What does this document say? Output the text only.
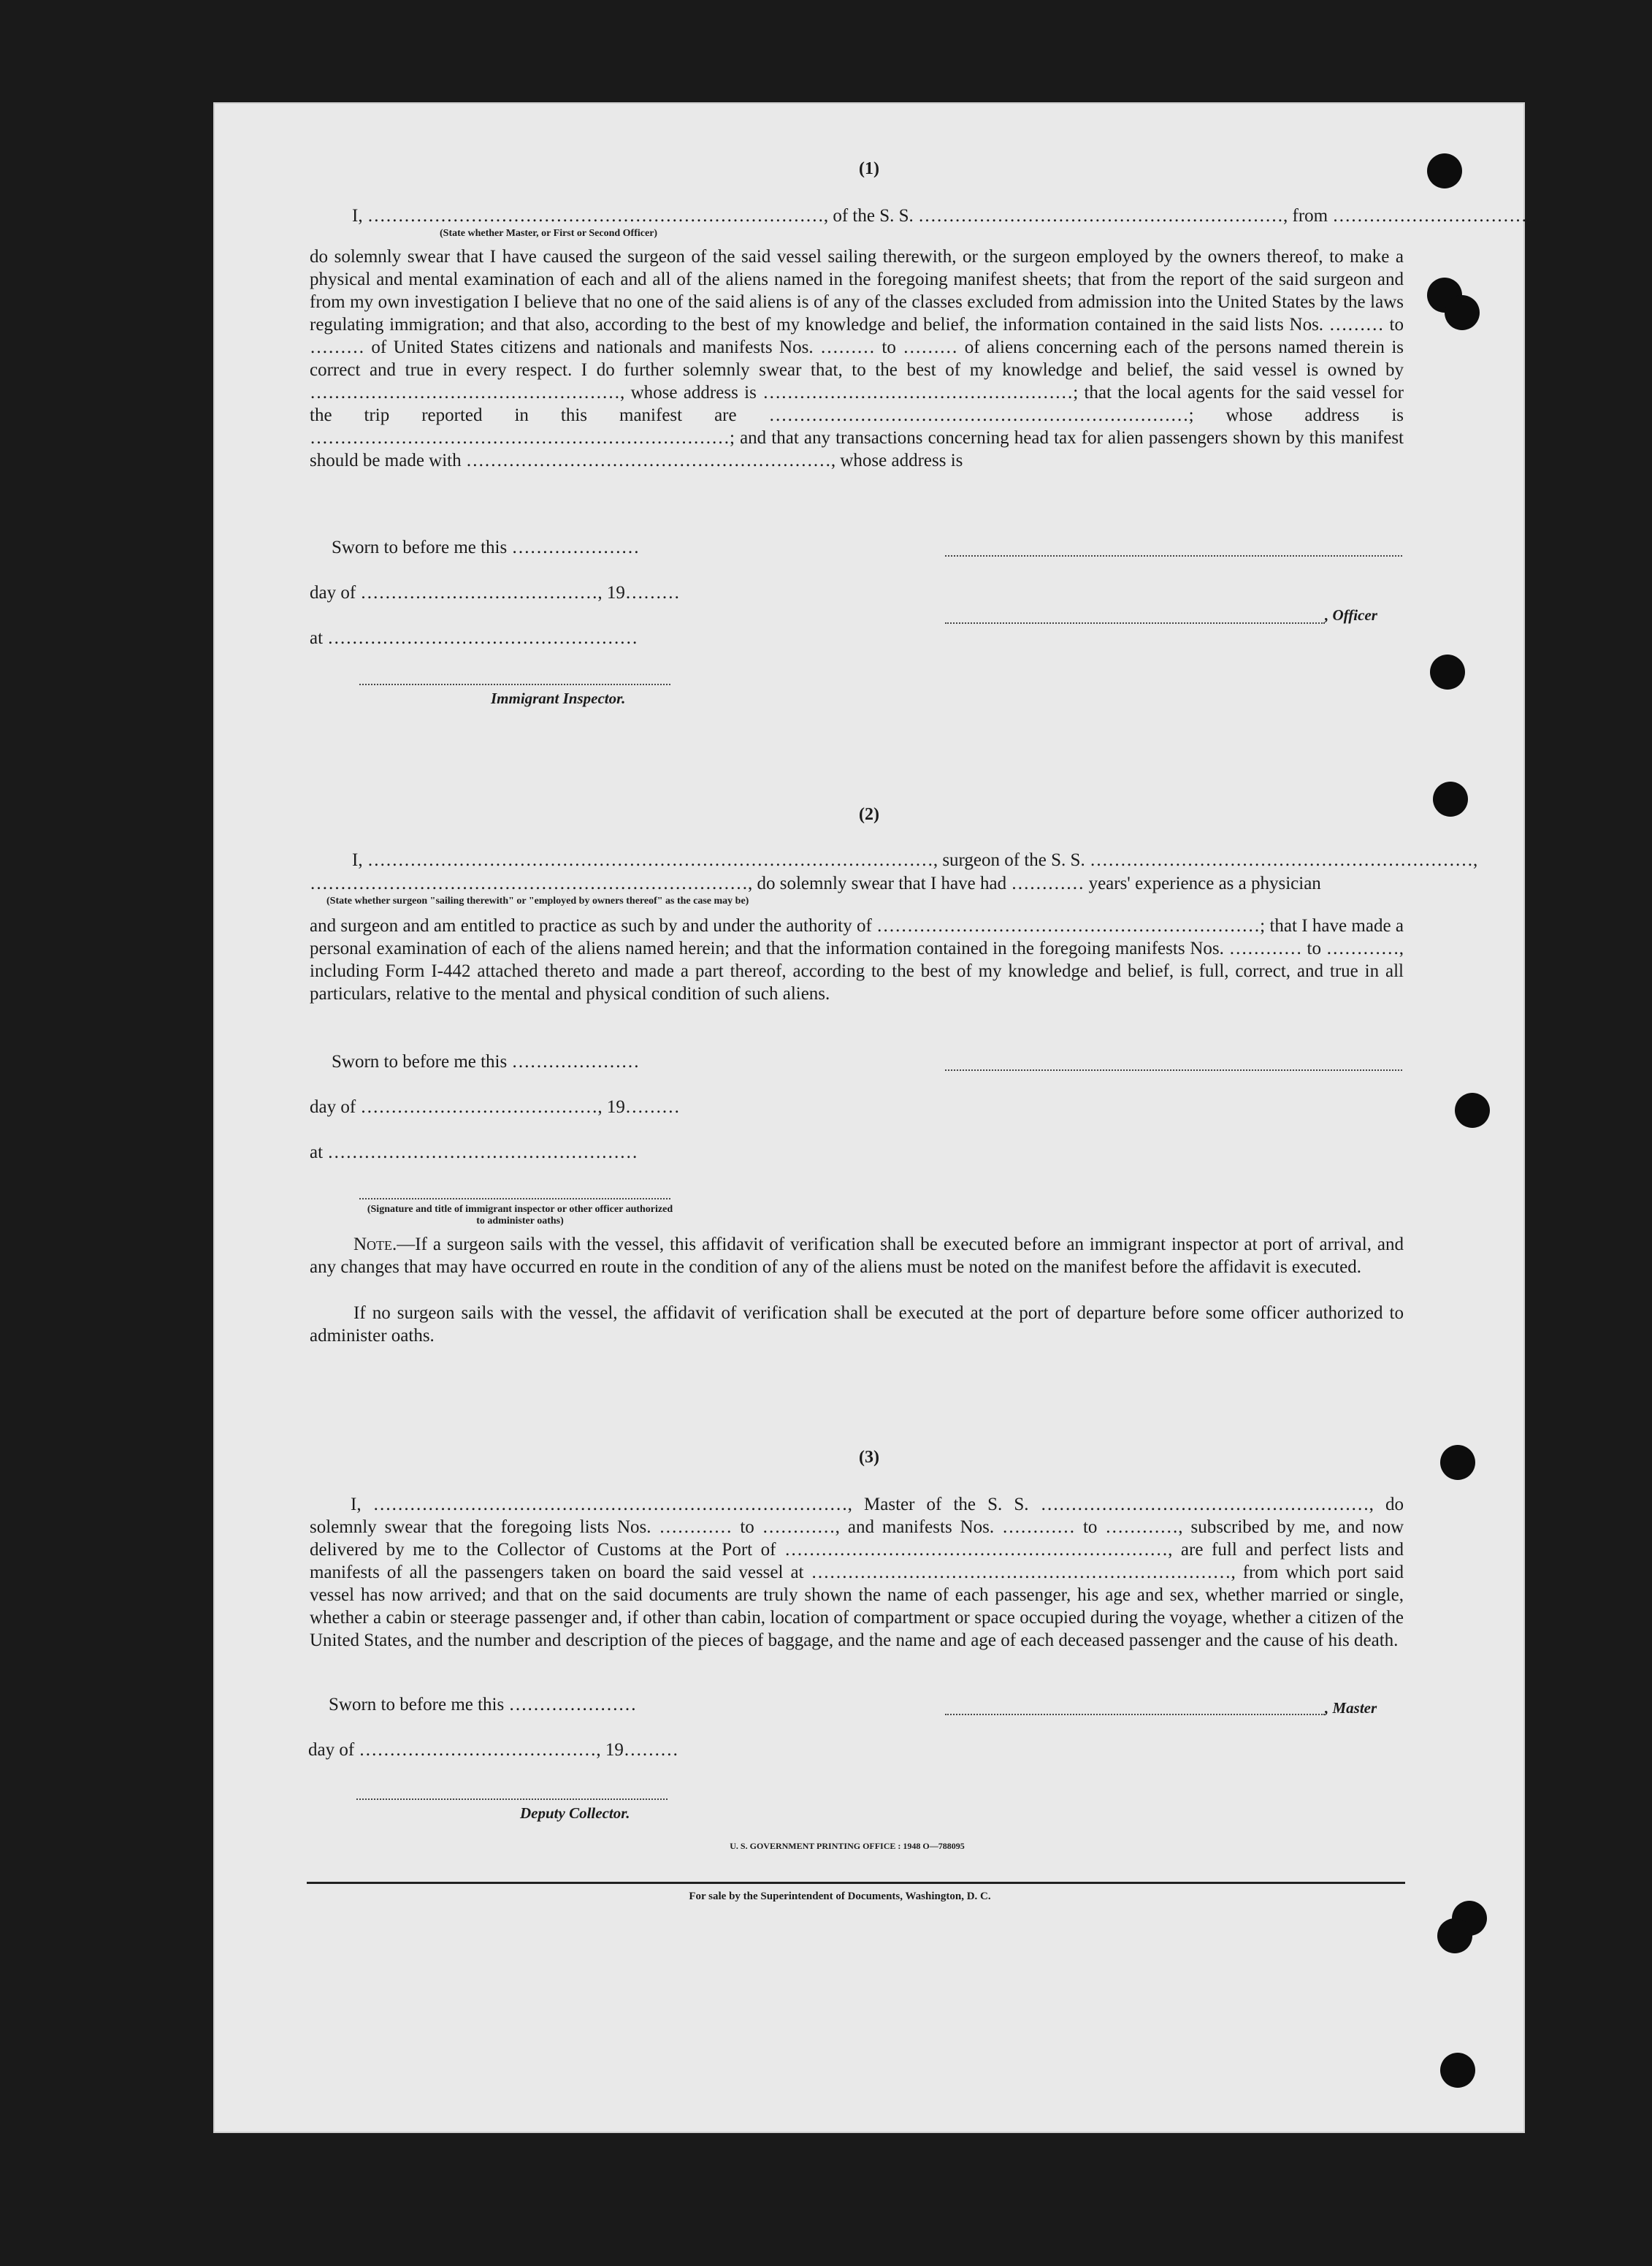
(1)
I, …………………………………………………………………, of the S. S. ……………………………………………………, from ………………………………
(State whether Master, or First or Second Officer)
do solemnly swear that I have caused the surgeon of the said vessel sailing therewith, or the surgeon employed by the owners thereof, to make a physical and mental examination of each and all of the aliens named in the foregoing manifest sheets; that from the report of the said surgeon and from my own investigation I believe that no one of the said aliens is of any of the classes excluded from admission into the United States by the laws regulating immigration; and that also, according to the best of my knowledge and belief, the information contained in the said lists Nos. ……… to ……… of United States citizens and nationals and manifests Nos. ……… to ……… of aliens concerning each of the persons named therein is correct and true in every respect. I do further solemnly swear that, to the best of my knowledge and belief, the said vessel is owned by ……………………………………………, whose address is ……………………………………………; that the local agents for the said vessel for the trip reported in this manifest are ……………………………………………………………; whose address is ……………………………………………………………; and that any transactions concerning head tax for alien passengers shown by this manifest should be made with ……………………………………………………, whose address is
Sworn to before me this …………………
day of …………………………………, 19………
, Officer
at ……………………………………………
Immigrant Inspector.
(2)
I, …………………………………………………………………………………, surgeon of the S. S. ………………………………………………………,
………………………………………………………………, do solemnly swear that I have had ………… years' experience as a physician
(State whether surgeon "sailing therewith" or "employed by owners thereof" as the case may be)
and surgeon and am entitled to practice as such by and under the authority of ………………………………………………………; that I have made a personal examination of each of the aliens named herein; and that the information contained in the foregoing manifests Nos. ………… to …………, including Form I-442 attached thereto and made a part thereof, according to the best of my knowledge and belief, is full, correct, and true in all particulars, relative to the mental and physical condition of such aliens.
Sworn to before me this …………………
day of …………………………………, 19………
at ……………………………………………
(Signature and title of immigrant inspector or other officer authorized to administer oaths)
Note.—If a surgeon sails with the vessel, this affidavit of verification shall be executed before an immigrant inspector at port of arrival, and any changes that may have occurred en route in the condition of any of the aliens must be noted on the manifest before the affidavit is executed.
If no surgeon sails with the vessel, the affidavit of verification shall be executed at the port of departure before some officer authorized to administer oaths.
(3)
I, ……………………………………………………………………, Master of the S. S. ………………………………………………, do solemnly swear that the foregoing lists Nos. ………… to …………, and manifests Nos. ………… to …………, subscribed by me, and now delivered by me to the Collector of Customs at the Port of ………………………………………………………, are full and perfect lists and manifests of all the passengers taken on board the said vessel at ……………………………………………………………, from which port said vessel has now arrived; and that on the said documents are truly shown the name of each passenger, his age and sex, whether married or single, whether a cabin or steerage passenger and, if other than cabin, location of compartment or space occupied during the voyage, whether a citizen of the United States, and the number and description of the pieces of baggage, and the name and age of each deceased passenger and the cause of his death.
Sworn to before me this …………………	, Master
day of …………………………………, 19………
Deputy Collector.
U. S. GOVERNMENT PRINTING OFFICE : 1948 O—788095
For sale by the Superintendent of Documents, Washington, D. C.
